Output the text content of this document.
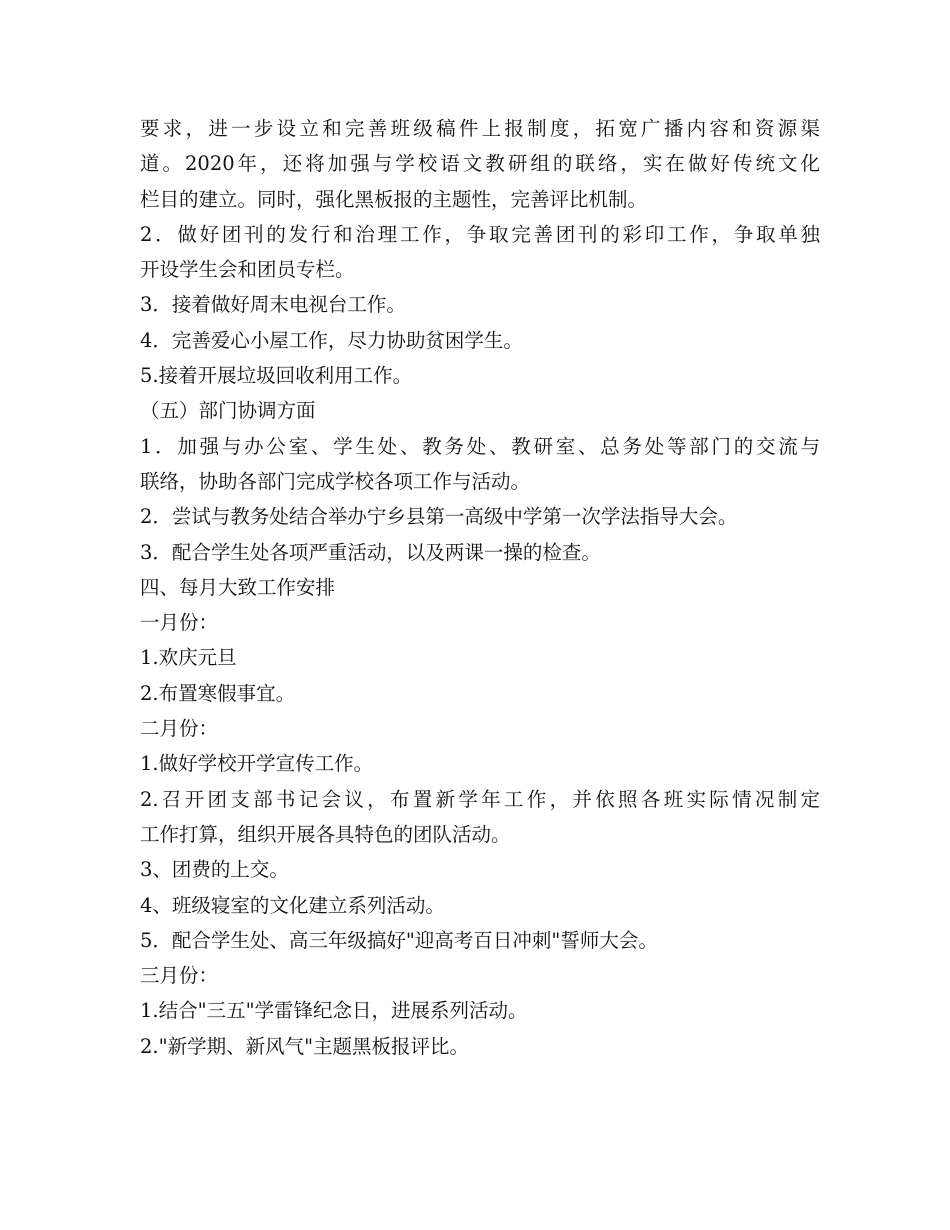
要求，进一步设立和完善班级稿件上报制度，拓宽广播内容和资源渠
道。2020年，还将加强与学校语文教研组的联络，实在做好传统文化
栏目的建立。同时，强化黑板报的主题性，完善评比机制。
2．做好团刊的发行和治理工作，争取完善团刊的彩印工作，争取单独
开设学生会和团员专栏。
3．接着做好周末电视台工作。
4．完善爱心小屋工作，尽力协助贫困学生。
5.接着开展垃圾回收利用工作。
（五）部门协调方面
1．加强与办公室、学生处、教务处、教研室、总务处等部门的交流与
联络，协助各部门完成学校各项工作与活动。
2．尝试与教务处结合举办宁乡县第一高级中学第一次学法指导大会。
3．配合学生处各项严重活动，以及两课一操的检查。
四、每月大致工作安排
一月份：
1.欢庆元旦
2.布置寒假事宜。
二月份：
1.做好学校开学宣传工作。
2.召开团支部书记会议，布置新学年工作，并依照各班实际情况制定
工作打算，组织开展各具特色的团队活动。
3、团费的上交。
4、班级寝室的文化建立系列活动。
5．配合学生处、高三年级搞好"迎高考百日冲刺"誓师大会。
三月份：
1.结合"三五"学雷锋纪念日，进展系列活动。
2."新学期、新风气"主题黑板报评比。
